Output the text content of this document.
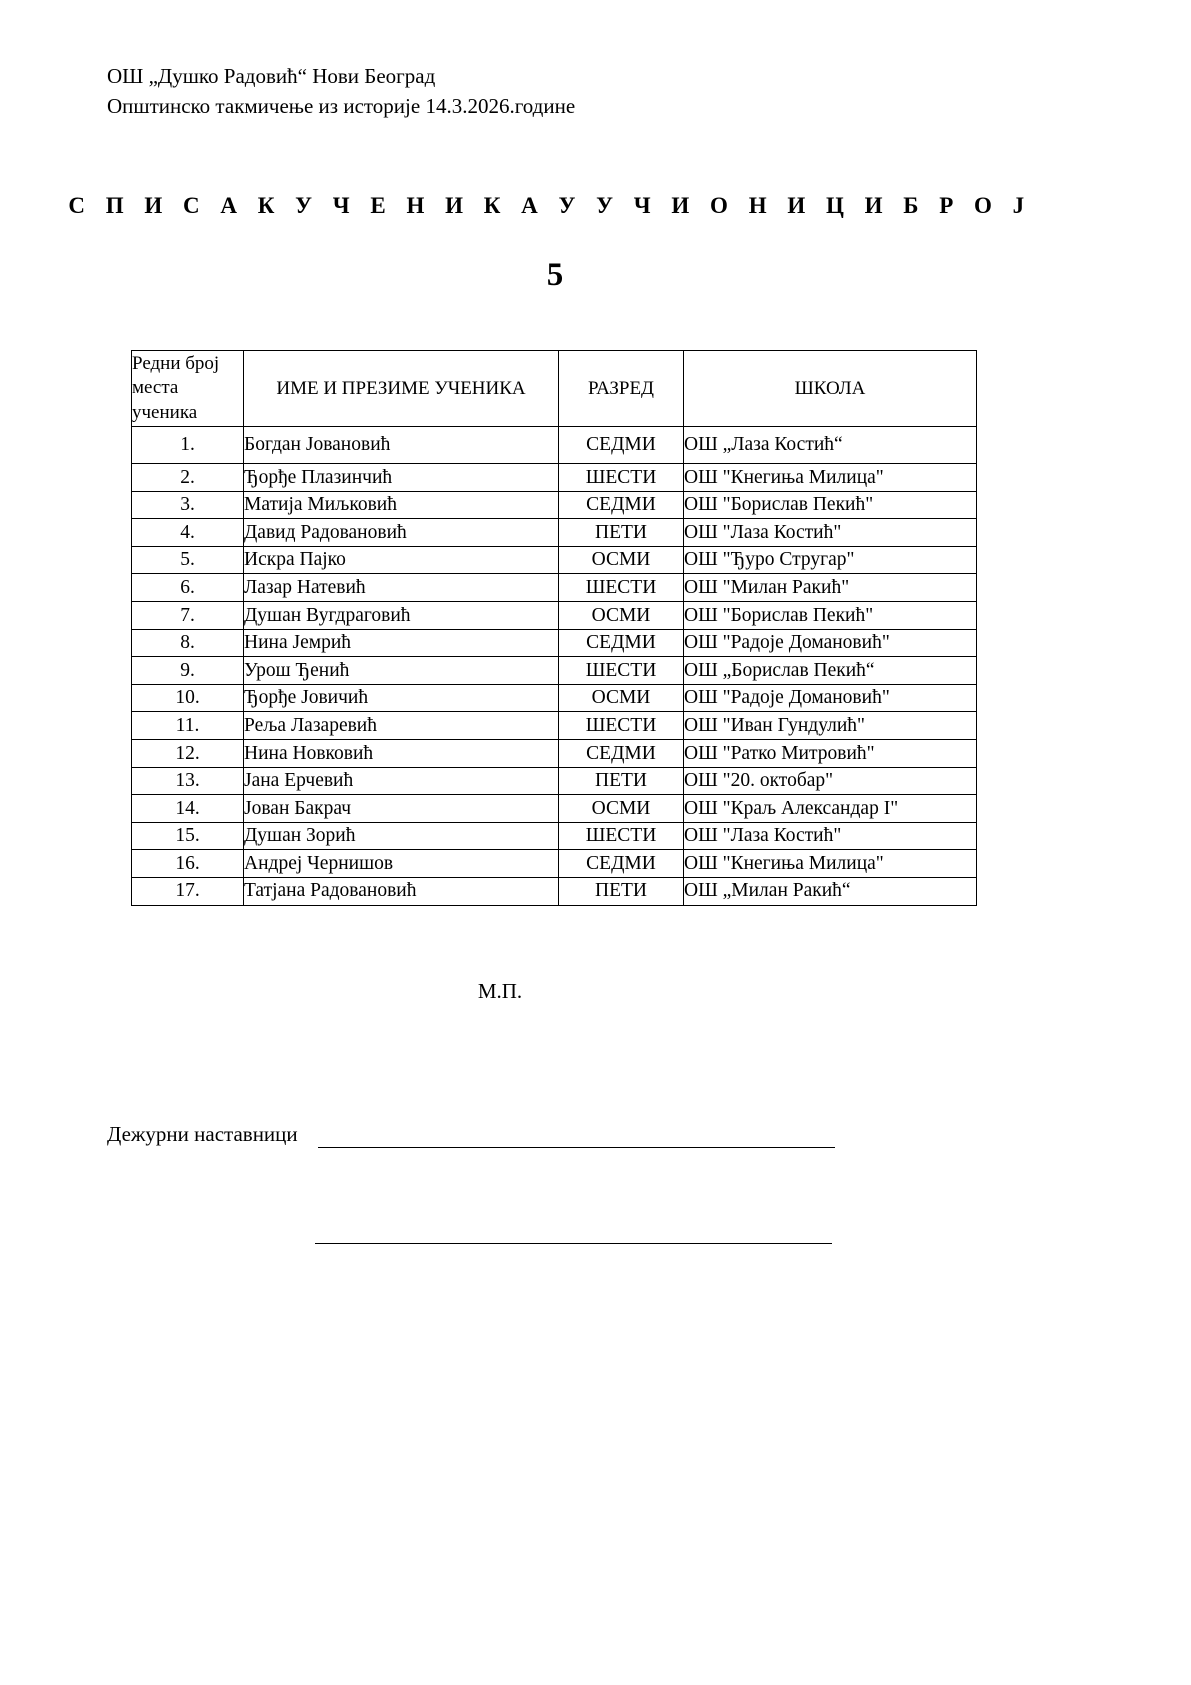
ОШ „Душко Радовић“ Нови Београд
Општинско такмичење из историје 14.3.2026.године
С П И С А К У Ч Е Н И К А У У Ч И О Н И Ц И Б Р О Ј
5
Редни број места ученика	ИМЕ И ПРЕЗИМЕ УЧЕНИКА	РАЗРЕД	ШКОЛА
1.	Богдан Јовановић	СЕДМИ	ОШ „Лаза Костић“
2.	Ђорђе Плазинчић	ШЕСТИ	ОШ "Кнегиња Милица"
3.	Матија Миљковић	СЕДМИ	ОШ "Борислав Пекић"
4.	Давид Радовановић	ПЕТИ	ОШ "Лаза Костић"
5.	Искра Пајко	ОСМИ	ОШ "Ђуро Стругар"
6.	Лазар Натевић	ШЕСТИ	ОШ "Милан Ракић"
7.	Душан Вугдраговић	ОСМИ	ОШ "Борислав Пекић"
8.	Нина Јемрић	СЕДМИ	ОШ "Радоје Домановић"
9.	Урош Ђенић	ШЕСТИ	ОШ „Борислав Пекић“
10.	Ђорђе Јовичић	ОСМИ	ОШ "Радоје Домановић"
11.	Рељa Лазаревић	ШЕСТИ	ОШ "Иван Гундулић"
12.	Нина Новковић	СЕДМИ	ОШ "Ратко Митровић"
13.	Јана Ерчевић	ПЕТИ	ОШ "20. октобар"
14.	Јован Бакрач	ОСМИ	ОШ "Краљ Александар I"
15.	Душан Зорић	ШЕСТИ	ОШ "Лаза Костић"
16.	Андреј Чернишов	СЕДМИ	ОШ "Кнегиња Милица"
17.	Татјана Радовановић	ПЕТИ	ОШ „Милан Ракић“
М.П.
Дежурни наставници
